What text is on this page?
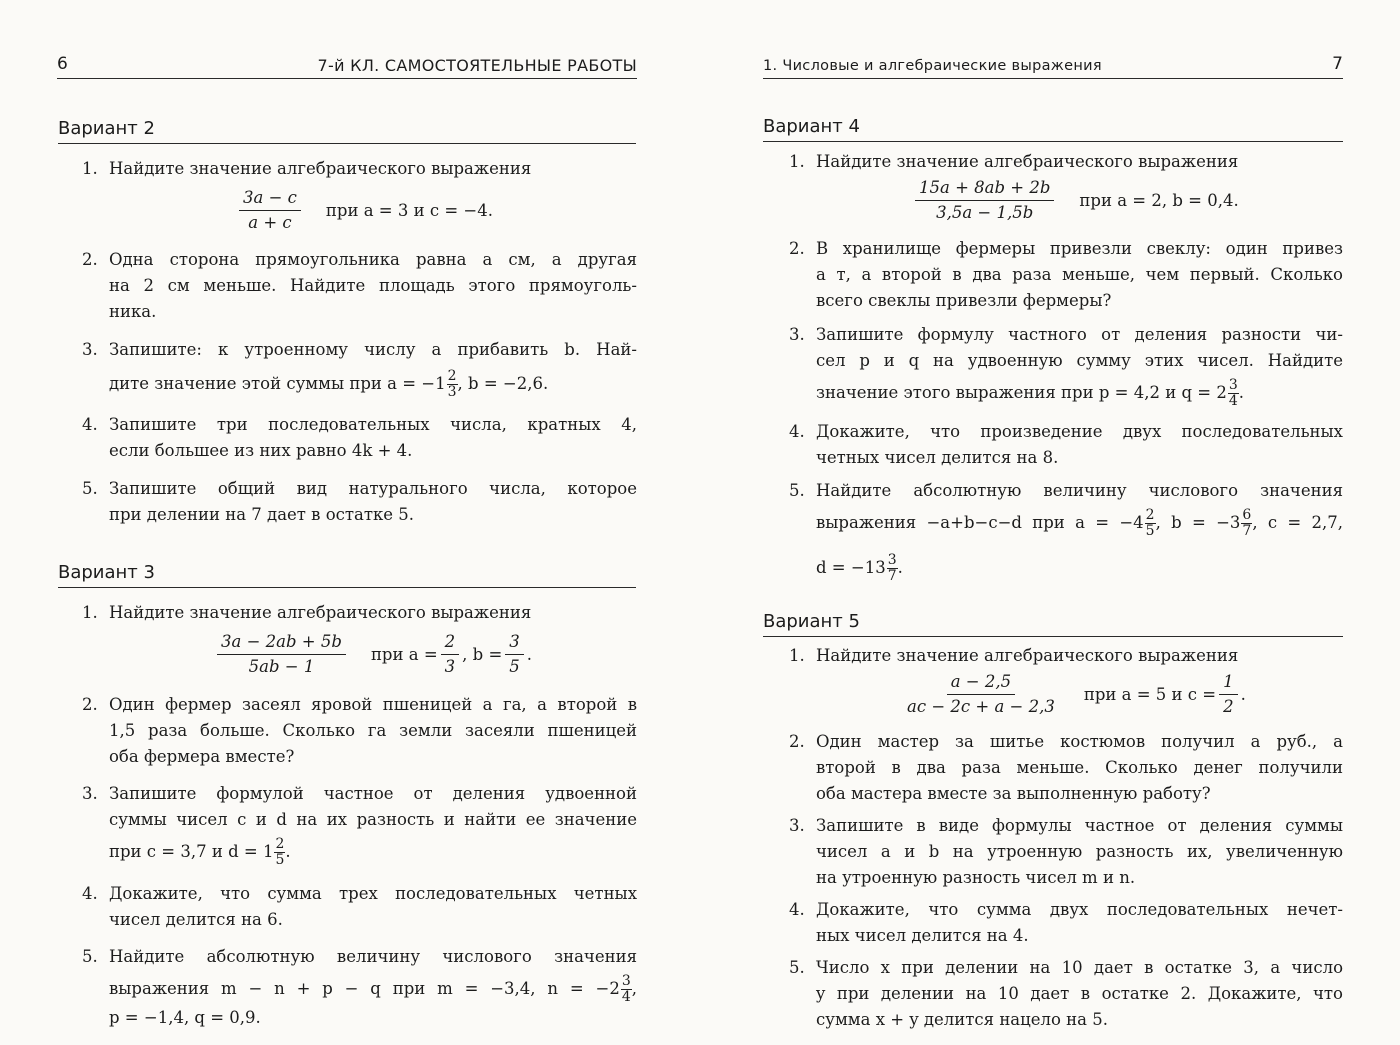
6	7-й КЛ. САМОСТОЯТЕЛЬНЫЕ РАБОТЫ
Вариант 2
1. Найдите значение алгебраического выражения
$\frac{3a - c}{a + c}$ при a = 3 и c = −4.
2. Одна сторона прямоугольника равна a см, а другая
на 2 см меньше. Найдите площадь этого прямоуголь-
ника.
3. Запишите: к утроенному числу a прибавить b. Най-
дите значение этой суммы при a = −1 2
3 , b = −2,6.
4. Запишите три последовательных числа, кратных 4,
если большее из них равно 4k + 4.
5. Запишите общий вид натурального числа, которое
при делении на 7 дает в остатке 5.
Вариант 3
1. Найдите значение алгебраического выражения
$\frac{3a - 2ab + 5b}{5ab - 1}$ при $a = \frac{2}{3}$ , $b = \frac{3}{5}$ .
2. Один фермер засеял яровой пшеницей a га, а второй в
1,5 раза больше. Сколько га земли засеяли пшеницей
оба фермера вместе?
3. Запишите формулой частное от деления удвоенной
суммы чисел c и d на их разность и найти ее значение
при c = 3,7 и d = 1 2
5 .
4. Докажите, что сумма трех последовательных четных
чисел делится на 6.
5. Найдите абсолютную величину числового значения
выражения m − n + p − q при m = −3,4, n = −2 3
4 ,
p = −1,4, q = 0,9.
1. Числовые и алгебраические выражения	7
Вариант 4
1. Найдите значение алгебраического выражения
$\frac{15a + 8ab + 2b}{3,5a - 1,5b}$ при a = 2, b = 0,4.
2. В хранилище фермеры привезли свеклу: один привез
a т, а второй в два раза меньше, чем первый. Сколько
всего свеклы привезли фермеры?
3. Запишите формулу частного от деления разности чи-
сел p и q на удвоенную сумму этих чисел. Найдите
значение этого выражения при p = 4,2 и q = 2 3
4 .
4. Докажите, что произведение двух последовательных
четных чисел делится на 8.
5. Найдите абсолютную величину числового значения
выражения −a+b−c−d при a = −4 2
5 , b = −3 6
7 , c = 2,7,
d = −13 3
7 .
Вариант 5
1. Найдите значение алгебраического выражения
$\frac{a - 2,5}{ac - 2c + a - 2,3}$ при a = 5 и $c = \frac{1}{2}$ .
2. Один мастер за шитье костюмов получил a руб., а
второй в два раза меньше. Сколько денег получили
оба мастера вместе за выполненную работу?
3. Запишите в виде формулы частное от деления суммы
чисел a и b на утроенную разность их, увеличенную
на утроенную разность чисел m и n.
4. Докажите, что сумма двух последовательных нечет-
ных чисел делится на 4.
5. Число x при делении на 10 дает в остатке 3, а число
y при делении на 10 дает в остатке 2. Докажите, что
сумма x + y делится нацело на 5.
